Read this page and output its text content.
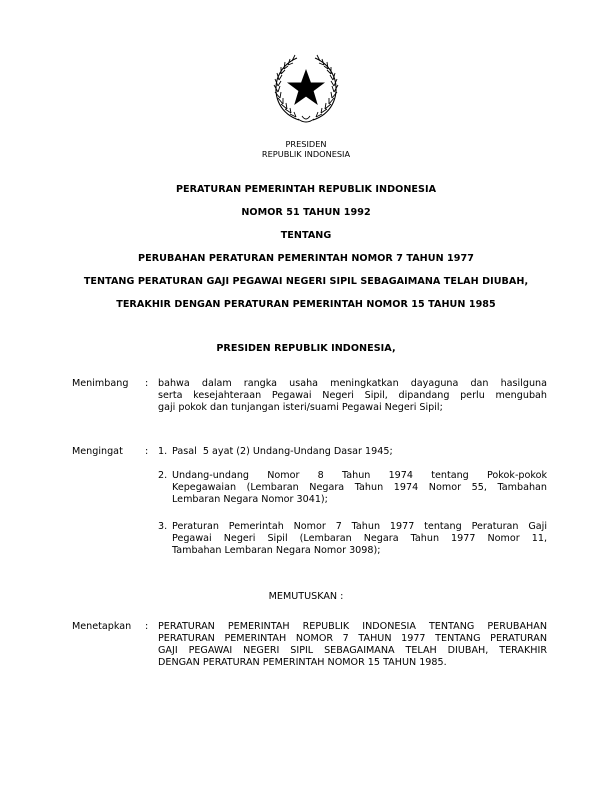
PRESIDEN
REPUBLIK INDONESIA
PERATURAN PEMERINTAH REPUBLIK INDONESIA
NOMOR 51 TAHUN 1992
TENTANG
PERUBAHAN PERATURAN PEMERINTAH NOMOR 7 TAHUN 1977
TENTANG PERATURAN GAJI PEGAWAI NEGERI SIPIL SEBAGAIMANA TELAH DIUBAH,
TERAKHIR DENGAN PERATURAN PEMERINTAH NOMOR 15 TAHUN 1985
PRESIDEN REPUBLIK INDONESIA,
Menimbang : bahwa dalam rangka usaha meningkatkan dayaguna dan hasilguna
serta kesejahteraan Pegawai Negeri Sipil, dipandang perlu mengubah
gaji pokok dan tunjangan isteri/suami Pegawai Negeri Sipil;
Mengingat : 1. Pasal  5 ayat (2) Undang-Undang Dasar 1945;
2. Undang-undang Nomor 8 Tahun 1974 tentang Pokok-pokok
Kepegawaian (Lembaran Negara Tahun 1974 Nomor 55, Tambahan
Lembaran Negara Nomor 3041);
3. Peraturan Pemerintah Nomor 7 Tahun 1977 tentang Peraturan Gaji
Pegawai Negeri Sipil (Lembaran Negara Tahun 1977 Nomor 11,
Tambahan Lembaran Negara Nomor 3098);
MEMUTUSKAN :
Menetapkan : PERATURAN PEMERINTAH REPUBLIK INDONESIA TENTANG PERUBAHAN
PERATURAN PEMERINTAH NOMOR 7 TAHUN 1977 TENTANG PERATURAN
GAJI PEGAWAI NEGERI SIPIL SEBAGAIMANA TELAH DIUBAH, TERAKHIR
DENGAN PERATURAN PEMERINTAH NOMOR 15 TAHUN 1985.
